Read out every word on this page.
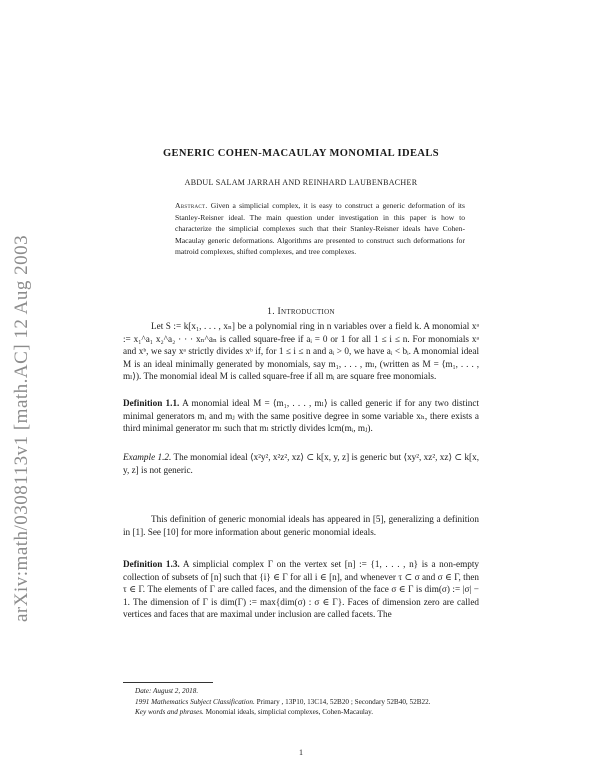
arXiv:math/0308113v1 [math.AC] 12 Aug 2003
GENERIC COHEN-MACAULAY MONOMIAL IDEALS
ABDUL SALAM JARRAH AND REINHARD LAUBENBACHER
Abstract. Given a simplicial complex, it is easy to construct a generic deformation of its Stanley-Reisner ideal. The main question under investigation in this paper is how to characterize the simplicial complexes such that their Stanley-Reisner ideals have Cohen-Macaulay generic deformations. Algorithms are presented to construct such deformations for matroid complexes, shifted complexes, and tree complexes.
1. Introduction
Let S := k[x₁, . . . , xₙ] be a polynomial ring in n variables over a field k. A monomial xᵃ := x₁^a₁ x₂^a₂ · · · xₙ^aₙ is called square-free if aᵢ = 0 or 1 for all 1 ≤ i ≤ n. For monomials xᵃ and xᵇ, we say xᵃ strictly divides xᵇ if, for 1 ≤ i ≤ n and aᵢ > 0, we have aᵢ < bᵢ. A monomial ideal M is an ideal minimally generated by monomials, say m₁, . . . , mₗ, (written as M = ⟨m₁, . . . , mₗ⟩). The monomial ideal M is called square-free if all mᵢ are square free monomials.
Definition 1.1. A monomial ideal M = ⟨m₁, . . . , mₗ⟩ is called generic if for any two distinct minimal generators mᵢ and mⱼ with the same positive degree in some variable xₕ, there exists a third minimal generator mₗ such that mₗ strictly divides lcm(mᵢ, mⱼ).
Example 1.2. The monomial ideal ⟨x²y², x²z², xz⟩ ⊂ k[x, y, z] is generic but ⟨xy², xz², xz⟩ ⊂ k[x, y, z] is not generic.
This definition of generic monomial ideals has appeared in [5], generalizing a definition in [1]. See [10] for more information about generic monomial ideals.
Definition 1.3. A simplicial complex Γ on the vertex set [n] := {1, . . . , n} is a non-empty collection of subsets of [n] such that {i} ∈ Γ for all i ∈ [n], and whenever τ ⊂ σ and σ ∈ Γ, then τ ∈ Γ. The elements of Γ are called faces, and the dimension of the face σ ∈ Γ is dim(σ) := |σ| − 1. The dimension of Γ is dim(Γ) := max{dim(σ) : σ ∈ Γ}. Faces of dimension zero are called vertices and faces that are maximal under inclusion are called facets. The

Date: August 2, 2018.

1991 Mathematics Subject Classification. Primary , 13P10, 13C14, 52B20 ; Secondary 52B40, 52B22.

Key words and phrases. Monomial ideals, simplicial complexes, Cohen-Macaulay.

1
